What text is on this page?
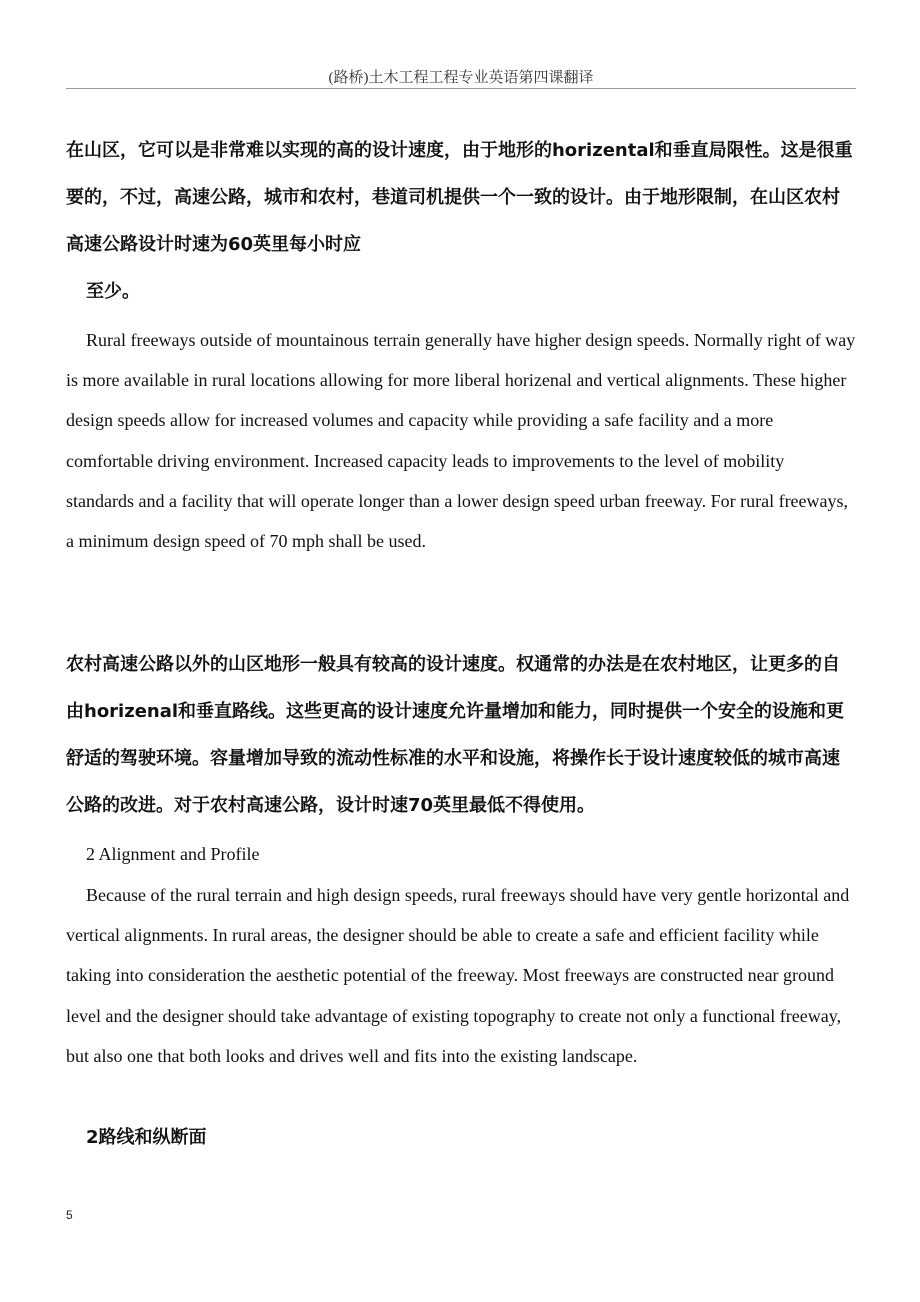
(路桥)土木工程工程专业英语第四课翻译

在山区，它可以是非常难以实现的高的设计速度，由于地形的horizental和垂直局限性。这是很重要的，不过，高速公路，城市和农村，巷道司机提供一个一致的设计。由于地形限制，在山区农村高速公路设计时速为60英里每小时应

至少。

Rural freeways outside of mountainous terrain generally have higher design speeds. Normally right of way is more available in rural locations allowing for more liberal horizenal and vertical alignments. These higher design speeds allow for increased volumes and capacity while providing a safe facility and a more comfortable driving environment. Increased capacity leads to improvements to the level of mobility standards and a facility that will operate longer than a lower design speed urban freeway. For rural freeways, a minimum design speed of 70 mph shall be used.

农村高速公路以外的山区地形一般具有较高的设计速度。权通常的办法是在农村地区，让更多的自由horizenal和垂直路线。这些更高的设计速度允许量增加和能力，同时提供一个安全的设施和更舒适的驾驶环境。容量增加导致的流动性标准的水平和设施，将操作长于设计速度较低的城市高速公路的改进。对于农村高速公路，设计时速70英里最低不得使用。

2 Alignment and Profile

Because of the rural terrain and high design speeds, rural freeways should have very gentle horizontal and vertical alignments. In rural areas, the designer should be able to create a safe and efficient facility while taking into consideration the aesthetic potential of the freeway. Most freeways are constructed near ground level and the designer should take advantage of existing topography to create not only a functional freeway, but also one that both looks and drives well and fits into the existing landscape.

2路线和纵断面

5
